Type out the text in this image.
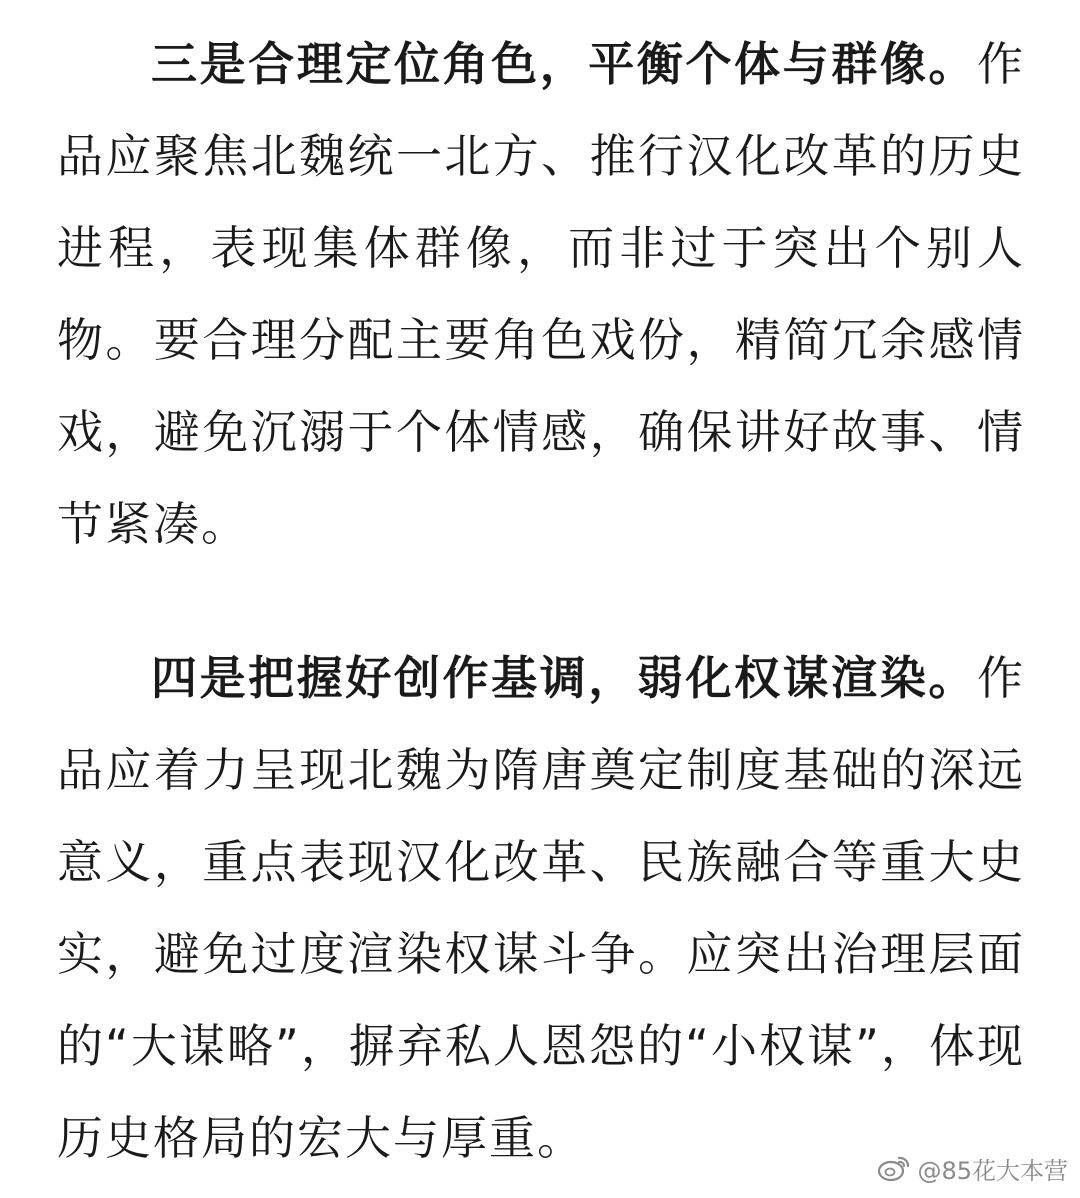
三是合理定位角色，平衡个体与群像。作品应聚焦北魏统一北方、推行汉化改革的历史进程，表现集体群像，而非过于突出个别人物。要合理分配主要角色戏份，精简冗余感情戏，避免沉溺于个体情感，确保讲好故事、情节紧凑。

四是把握好创作基调，弱化权谋渲染。作品应着力呈现北魏为隋唐奠定制度基础的深远意义，重点表现汉化改革、民族融合等重大史实，避免过度渲染权谋斗争。应突出治理层面的“大谋略”，摒弃私人恩怨的“小权谋”，体现历史格局的宏大与厚重。

@85花大本营
